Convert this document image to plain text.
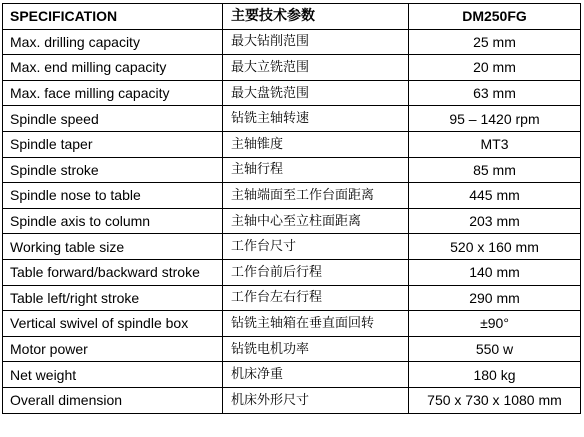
SPECIFICATION	主要技术参数	DM250FG
Max. drilling capacity	最大钻削范围	25 mm
Max. end milling capacity	最大立铣范围	20 mm
Max. face milling capacity	最大盘铣范围	63 mm
Spindle speed	钻铣主轴转速	95 – 1420 rpm
Spindle taper	主轴锥度	MT3
Spindle stroke	主轴行程	85 mm
Spindle nose to table	主轴端面至工作台面距离	445 mm
Spindle axis to column	主轴中心至立柱面距离	203 mm
Working table size	工作台尺寸	520 x 160 mm
Table forward/backward stroke	工作台前后行程	140 mm
Table left/right stroke	工作台左右行程	290 mm
Vertical swivel of spindle box	钻铣主轴箱在垂直面回转	±90°
Motor power	钻铣电机功率	550 w
Net weight	机床净重	180 kg
Overall dimension	机床外形尺寸	750 x 730 x 1080 mm
